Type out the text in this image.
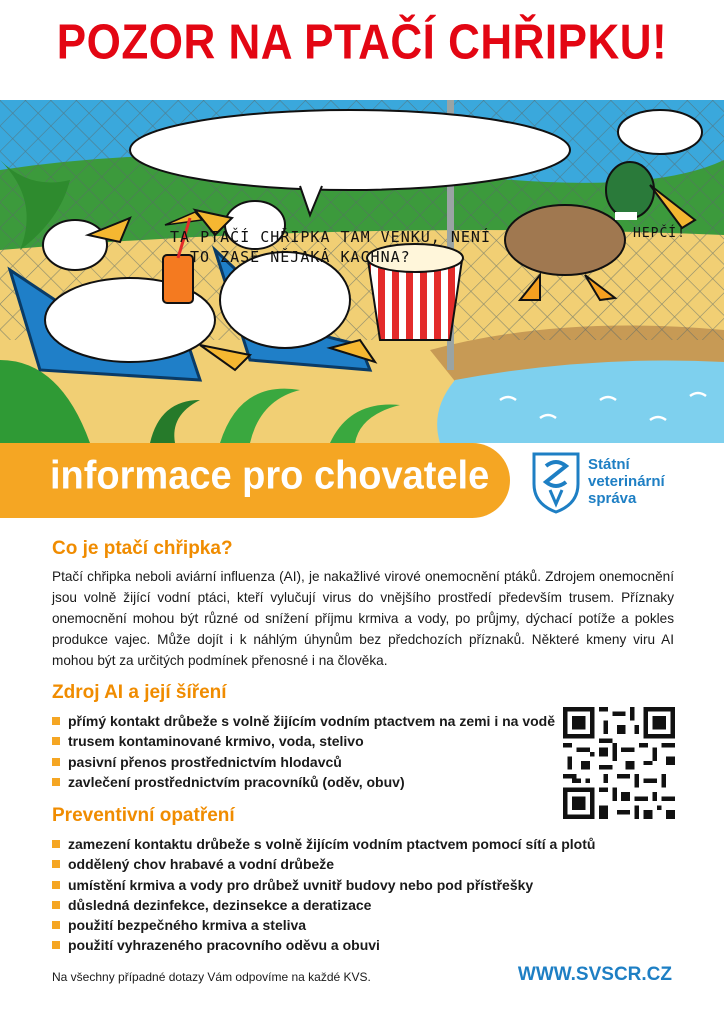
POZOR NA PTAČÍ CHŘIPKU!
TA PTAČÍ CHŘIPKA TAM VENKU, NENÍ
TO ZASE NĚJAKÁ KACHNA?
HEPČÍ!
informace pro chovatele	Státní
veterinární
správa
Co je ptačí chřipka?
Ptačí chřipka neboli aviární influenza (AI), je nakažlivé virové onemocnění ptáků. Zdrojem onemocnění jsou volně žijící vodní ptáci, kteří vylučují virus do vnějšího prostředí především trusem. Příznaky onemocnění mohou být různé od snížení příjmu krmiva a vody, po průjmy, dýchací potíže a pokles produkce vajec. Může dojít i k náhlým úhynům bez předchozích příznaků. Některé kmeny viru AI mohou být za určitých podmínek přenosné i na člověka.
Zdroj AI a její šíření
přímý kontakt drůbeže s volně žijícím vodním ptactvem na zemi i na vodě
trusem kontaminované krmivo, voda, stelivo
pasivní přenos prostřednictvím hlodavců
zavlečení prostřednictvím pracovníků (oděv, obuv)
Preventivní opatření
zamezení kontaktu drůbeže s volně žijícím vodním ptactvem pomocí sítí a plotů
oddělený chov hrabavé a vodní drůbeže
umístění krmiva a vody pro drůbež uvnitř budovy nebo pod přístřešky
důsledná dezinfekce, dezinsekce a deratizace
použití bezpečného krmiva a steliva
použití vyhrazeného pracovního oděvu a obuvi
Na všechny případné dotazy Vám odpovíme na každé KVS.	WWW.SVSCR.CZ
